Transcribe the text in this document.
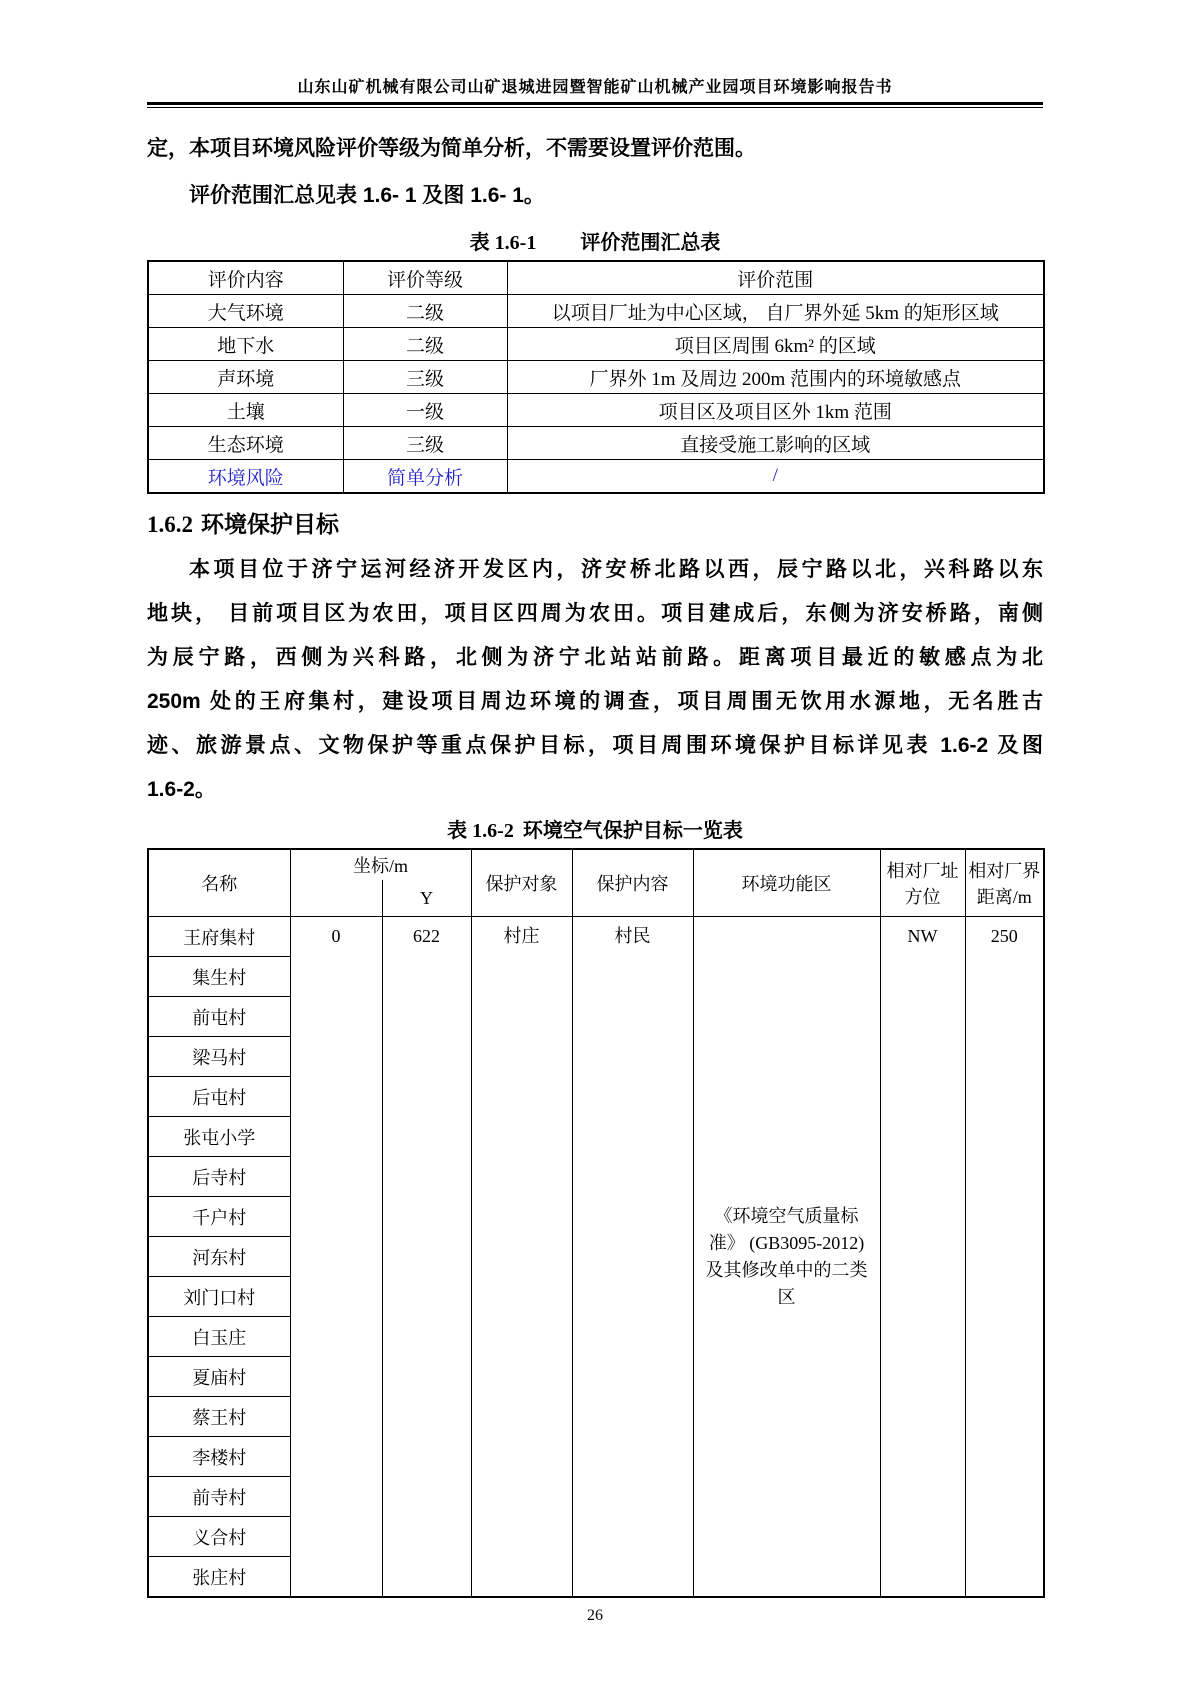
山东山矿机械有限公司山矿退城进园暨智能矿山机械产业园项目环境影响报告书
定，本项目环境风险评价等级为简单分析，不需要设置评价范围。
评价范围汇总见表 1.6- 1 及图 1.6- 1。
表 1.6-1 评价范围汇总表
评价内容	评价等级	评价范围
大气环境	二级	以项目厂址为中心区域， 自厂界外延 5km 的矩形区域
地下水	二级	项目区周围 6km² 的区域
声环境	三级	厂界外 1m 及周边 200m 范围内的环境敏感点
土壤	一级	项目区及项目区外 1km 范围
生态环境	三级	直接受施工影响的区域
环境风险	简单分析	/
1.6.2 环境保护目标
本项目位于济宁运河经济开发区内，济安桥北路以西，辰宁路以北，兴科路以东
地块， 目前项目区为农田，项目区四周为农田。项目建成后，东侧为济安桥路，南侧
为辰宁路，西侧为兴科路，北侧为济宁北站站前路。距离项目最近的敏感点为北
250m 处的王府集村，建设项目周边环境的调查，项目周围无饮用水源地，无名胜古
迹、旅游景点、文物保护等重点保护目标，项目周围环境保护目标详见表 1.6-2 及图
1.6-2。
表 1.6-2 环境空气保护目标一览表
名称	坐标/m		保护对象	保护内容	环境功能区	相对厂址方位	相对厂界距离/m
		Y					
王府集村	0	622	村庄	村民	《环境空气质量标准》 (GB3095-2012) 及其修改单中的二类区	NW	250
集生村							
前屯村							
梁马村							
后屯村							
张屯小学							
后寺村							
千户村							
河东村							
刘门口村							
白玉庄							
夏庙村							
蔡王村							
李楼村							
前寺村							
义合村							
张庄村							
26
